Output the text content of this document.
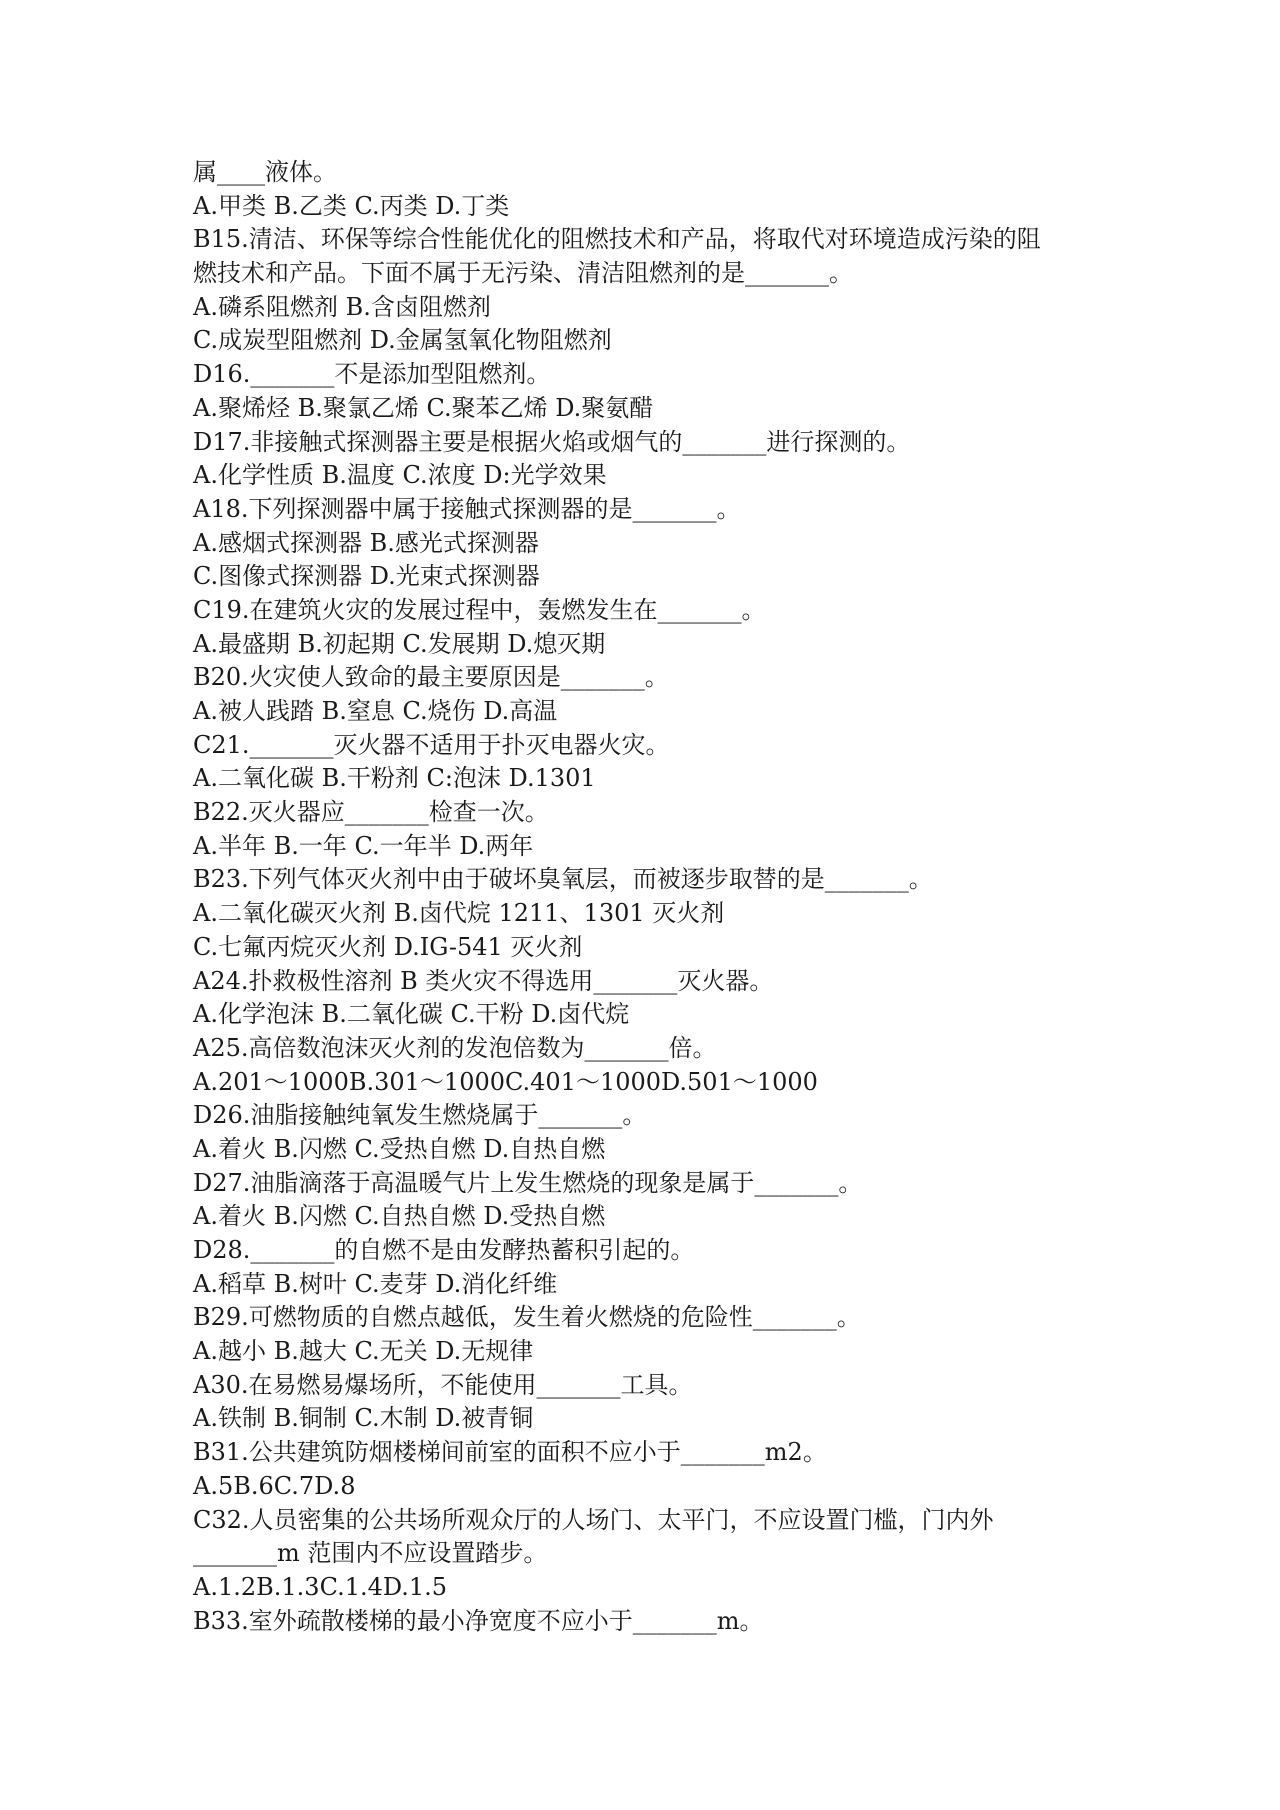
属____液体。
A.甲类 B.乙类 C.丙类 D.丁类
B15.清洁、环保等综合性能优化的阻燃技术和产品，将取代对环境造成污染的阻
燃技术和产品。下面不属于无污染、清洁阻燃剂的是_______。
A.磷系阻燃剂 B.含卤阻燃剂
C.成炭型阻燃剂 D.金属氢氧化物阻燃剂
D16._______不是添加型阻燃剂。
A.聚烯烃 B.聚氯乙烯 C.聚苯乙烯 D.聚氨醋
D17.非接触式探测器主要是根据火焰或烟气的_______进行探测的。
A.化学性质 B.温度 C.浓度 D:光学效果
A18.下列探测器中属于接触式探测器的是_______。
A.感烟式探测器 B.感光式探测器
C.图像式探测器 D.光束式探测器
C19.在建筑火灾的发展过程中，轰燃发生在_______。
A.最盛期 B.初起期 C.发展期 D.熄灭期
B20.火灾使人致命的最主要原因是_______。
A.被人践踏 B.窒息 C.烧伤 D.高温
C21._______灭火器不适用于扑灭电器火灾。
A.二氧化碳 B.干粉剂 C:泡沫 D.1301
B22.灭火器应_______检查一次。
A.半年 B.一年 C.一年半 D.两年
B23.下列气体灭火剂中由于破坏臭氧层，而被逐步取替的是_______。
A.二氧化碳灭火剂 B.卤代烷 1211、1301 灭火剂
C.七氟丙烷灭火剂 D.IG-541 灭火剂
A24.扑救极性溶剂 B 类火灾不得选用_______灭火器。
A.化学泡沫 B.二氧化碳 C.干粉 D.卤代烷
A25.高倍数泡沫灭火剂的发泡倍数为_______倍。
A.201～1000B.301～1000C.401～1000D.501～1000
D26.油脂接触纯氧发生燃烧属于_______。
A.着火 B.闪燃 C.受热自燃 D.自热自燃
D27.油脂滴落于高温暖气片上发生燃烧的现象是属于_______。
A.着火 B.闪燃 C.自热自燃 D.受热自燃
D28._______的自燃不是由发酵热蓄积引起的。
A.稻草 B.树叶 C.麦芽 D.消化纤维
B29.可燃物质的自燃点越低，发生着火燃烧的危险性_______。
A.越小 B.越大 C.无关 D.无规律
A30.在易燃易爆场所，不能使用_______工具。
A.铁制 B.铜制 C.木制 D.被青铜
B31.公共建筑防烟楼梯间前室的面积不应小于_______m2。
A.5B.6C.7D.8
C32.人员密集的公共场所观众厅的人场门、太平门，不应设置门槛，门内外
_______m 范围内不应设置踏步。
A.1.2B.1.3C.1.4D.1.5
B33.室外疏散楼梯的最小净宽度不应小于_______m。
